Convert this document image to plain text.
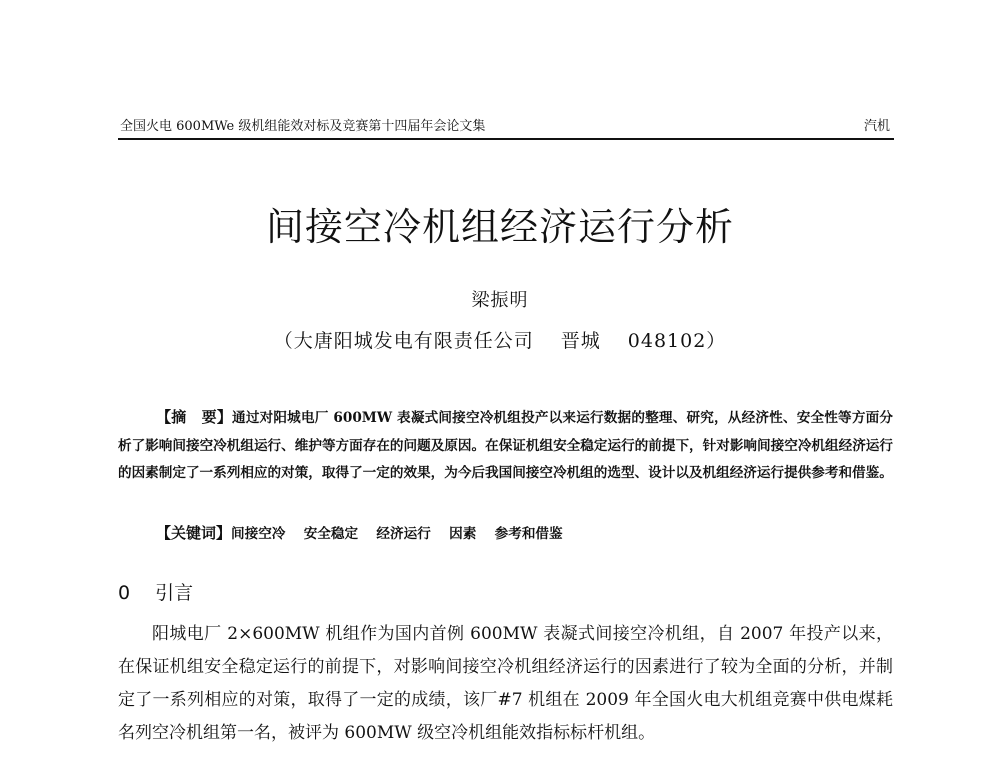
全国火电 600MWe 级机组能效对标及竞赛第十四届年会论文集	汽机
间接空冷机组经济运行分析
梁振明
（大唐阳城发电有限责任公司　 晋城　 048102）

【摘　要】通过对阳城电厂 600MW 表凝式间接空冷机组投产以来运行数据的整理、研究，从经济性、安全性等方面分析了影响间接空冷机组运行、维护等方面存在的问题及原因。在保证机组安全稳定运行的前提下，针对影响间接空冷机组经济运行的因素制定了一系列相应的对策，取得了一定的效果，为今后我国间接空冷机组的选型、设计以及机组经济运行提供参考和借鉴。

【关键词】间接空冷　 安全稳定　 经济运行　 因素　 参考和借鉴
0　 引言

阳城电厂 2×600MW 机组作为国内首例 600MW 表凝式间接空冷机组，自 2007 年投产以来，在保证机组安全稳定运行的前提下，对影响间接空冷机组经济运行的因素进行了较为全面的分析，并制定了一系列相应的对策，取得了一定的成绩，该厂#7 机组在 2009 年全国火电大机组竞赛中供电煤耗名列空冷机组第一名，被评为 600MW 级空冷机组能效指标标杆机组。
